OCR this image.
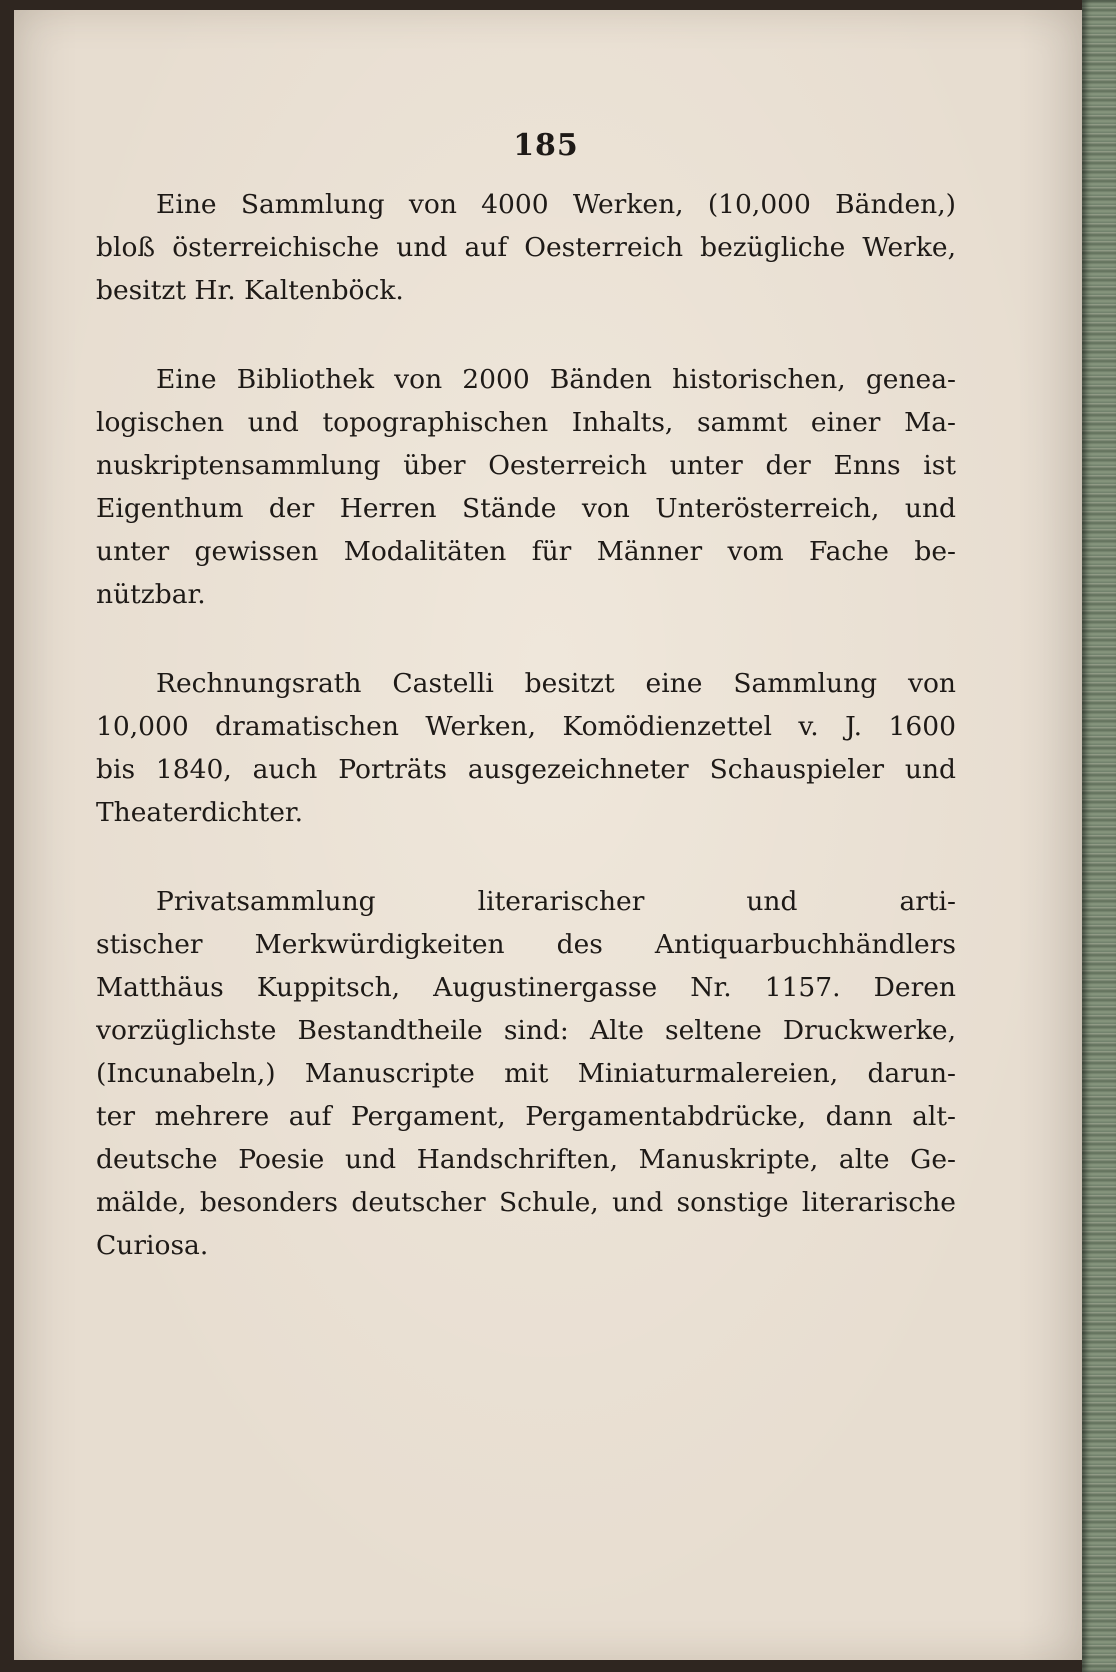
185
Eine Sammlung von 4000 Werken, (10,000 Bänden,)
bloß österreichische und auf Oesterreich bezügliche Werke,
besitzt Hr. Kaltenböck.
Eine Bibliothek von 2000 Bänden historischen, genea-
logischen und topographischen Inhalts, sammt einer Ma-
nuskriptensammlung über Oesterreich unter der Enns ist
Eigenthum der Herren Stände von Unterösterreich, und
unter gewissen Modalitäten für Männer vom Fache be-
nützbar.
Rechnungsrath Castelli besitzt eine Sammlung von
10,000 dramatischen Werken, Komödienzettel v. J. 1600
bis 1840, auch Porträts ausgezeichneter Schauspieler und
Theaterdichter.
Privatsammlung literarischer und arti-
stischer Merkwürdigkeiten des Antiquarbuchhändlers
Matthäus Kuppitsch, Augustinergasse Nr. 1157. Deren
vorzüglichste Bestandtheile sind: Alte seltene Druckwerke,
(Incunabeln,) Manuscripte mit Miniaturmalereien, darun-
ter mehrere auf Pergament, Pergamentabdrücke, dann alt-
deutsche Poesie und Handschriften, Manuskripte, alte Ge-
mälde, besonders deutscher Schule, und sonstige literarische
Curiosa.
